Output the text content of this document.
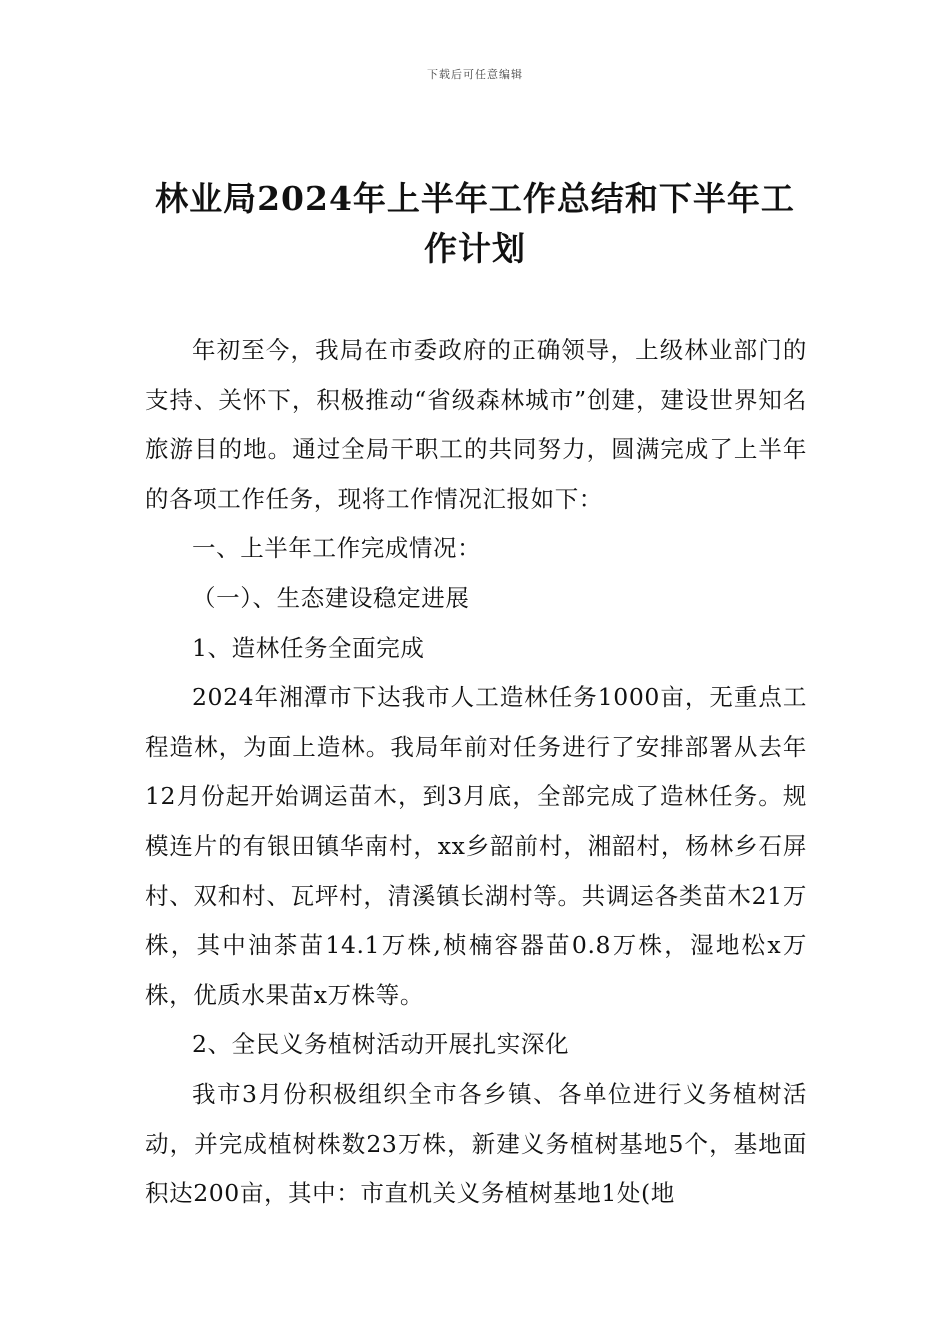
下载后可任意编辑
林业局2024年上半年工作总结和下半年工作计划

年初至今，我局在市委政府的正确领导，上级林业部门的支持、关怀下，积极推动“省级森林城市”创建，建设世界知名旅游目的地。通过全局干职工的共同努力，圆满完成了上半年的各项工作任务，现将工作情况汇报如下：

一、上半年工作完成情况：

（一）、生态建设稳定进展

1、造林任务全面完成

2024年湘潭市下达我市人工造林任务1000亩，无重点工程造林，为面上造林。我局年前对任务进行了安排部署从去年12月份起开始调运苗木，到3月底，全部完成了造林任务。规模连片的有银田镇华南村，xx乡韶前村，湘韶村，杨林乡石屏村、双和村、瓦坪村，清溪镇长湖村等。共调运各类苗木21万株，其中油茶苗14.1万株,桢楠容器苗0.8万株，湿地松x万株，优质水果苗x万株等。

2、全民义务植树活动开展扎实深化

我市3月份积极组织全市各乡镇、各单位进行义务植树活动，并完成植树株数23万株，新建义务植树基地5个，基地面积达200亩，其中：市直机关义务植树基地1处(地
